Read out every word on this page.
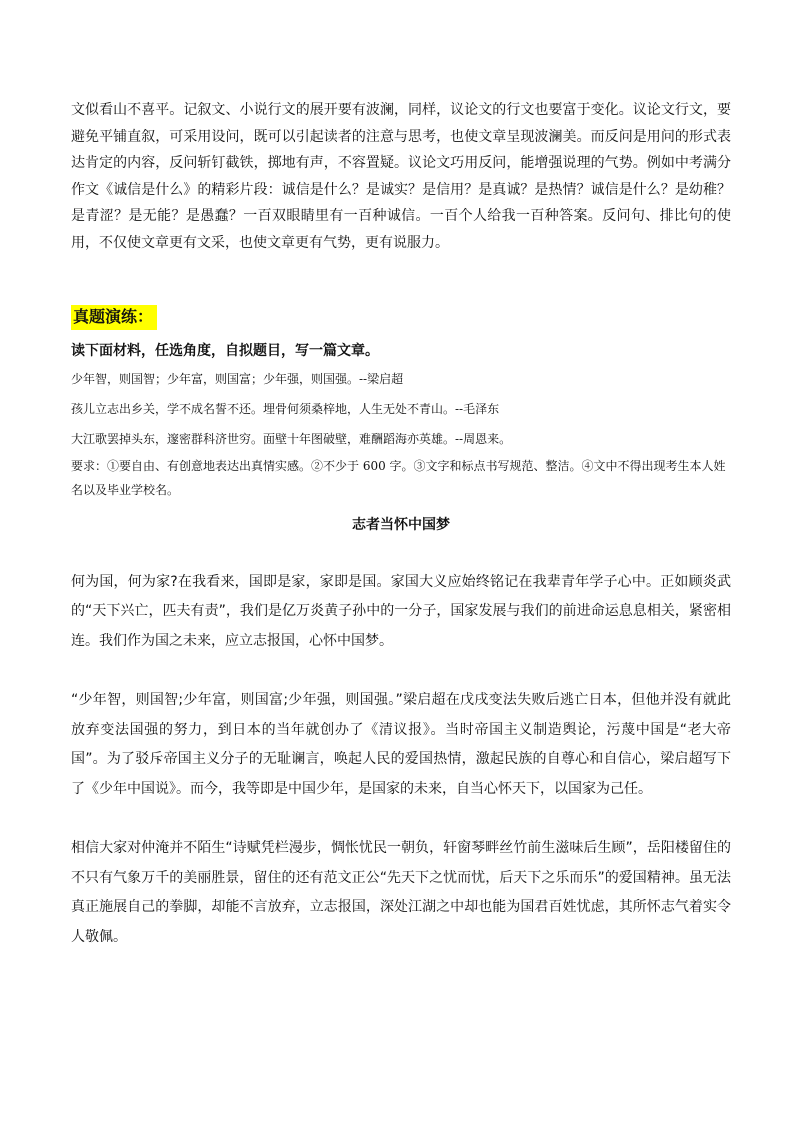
文似看山不喜平。记叙文、小说行文的展开要有波澜，同样，议论文的行文也要富于变化。议论文行文，要避免平铺直叙，可采用设问，既可以引起读者的注意与思考，也使文章呈现波澜美。而反问是用问的形式表达肯定的内容，反问斩钉截铁，掷地有声，不容置疑。议论文巧用反问，能增强说理的气势。例如中考满分作文《诚信是什么》的精彩片段：诚信是什么？是诚实？是信用？是真诚？是热情？诚信是什么？是幼稚？是青涩？是无能？是愚蠢？一百双眼睛里有一百种诚信。一百个人给我一百种答案。反问句、排比句的使用，不仅使文章更有文采，也使文章更有气势，更有说服力。

真题演练：

读下面材料，任选角度，自拟题目，写一篇文章。

少年智，则国智；少年富，则国富；少年强，则国强。--梁启超

孩儿立志出乡关，学不成名誓不还。埋骨何须桑梓地，人生无处不青山。--毛泽东

大江歌罢掉头东，邃密群科济世穷。面壁十年图破壁，难酬蹈海亦英雄。--周恩来。

要求：①要自由、有创意地表达出真情实感。②不少于 600 字。③文字和标点书写规范、整洁。④文中不得出现考生本人姓名以及毕业学校名。

志者当怀中国梦

何为国，何为家?在我看来，国即是家，家即是国。家国大义应始终铭记在我辈青年学子心中。正如顾炎武的“天下兴亡，匹夫有责”，我们是亿万炎黄子孙中的一分子，国家发展与我们的前进命运息息相关，紧密相连。我们作为国之未来，应立志报国，心怀中国梦。

“少年智，则国智;少年富，则国富;少年强，则国强。”梁启超在戊戌变法失败后逃亡日本，但他并没有就此放弃变法国强的努力，到日本的当年就创办了《清议报》。当时帝国主义制造舆论，污蔑中国是“老大帝国”。为了驳斥帝国主义分子的无耻谰言，唤起人民的爱国热情，激起民族的自尊心和自信心，梁启超写下了《少年中国说》。而今，我等即是中国少年，是国家的未来，自当心怀天下，以国家为己任。

相信大家对仲淹并不陌生“诗赋凭栏漫步，惆怅忧民一朝负，轩窗琴畔丝竹前生滋味后生顾”，岳阳楼留住的不只有气象万千的美丽胜景，留住的还有范文正公“先天下之忧而忧，后天下之乐而乐”的爱国精神。虽无法真正施展自己的拳脚，却能不言放弃，立志报国，深处江湖之中却也能为国君百姓忧虑，其所怀志气着实令人敬佩。
